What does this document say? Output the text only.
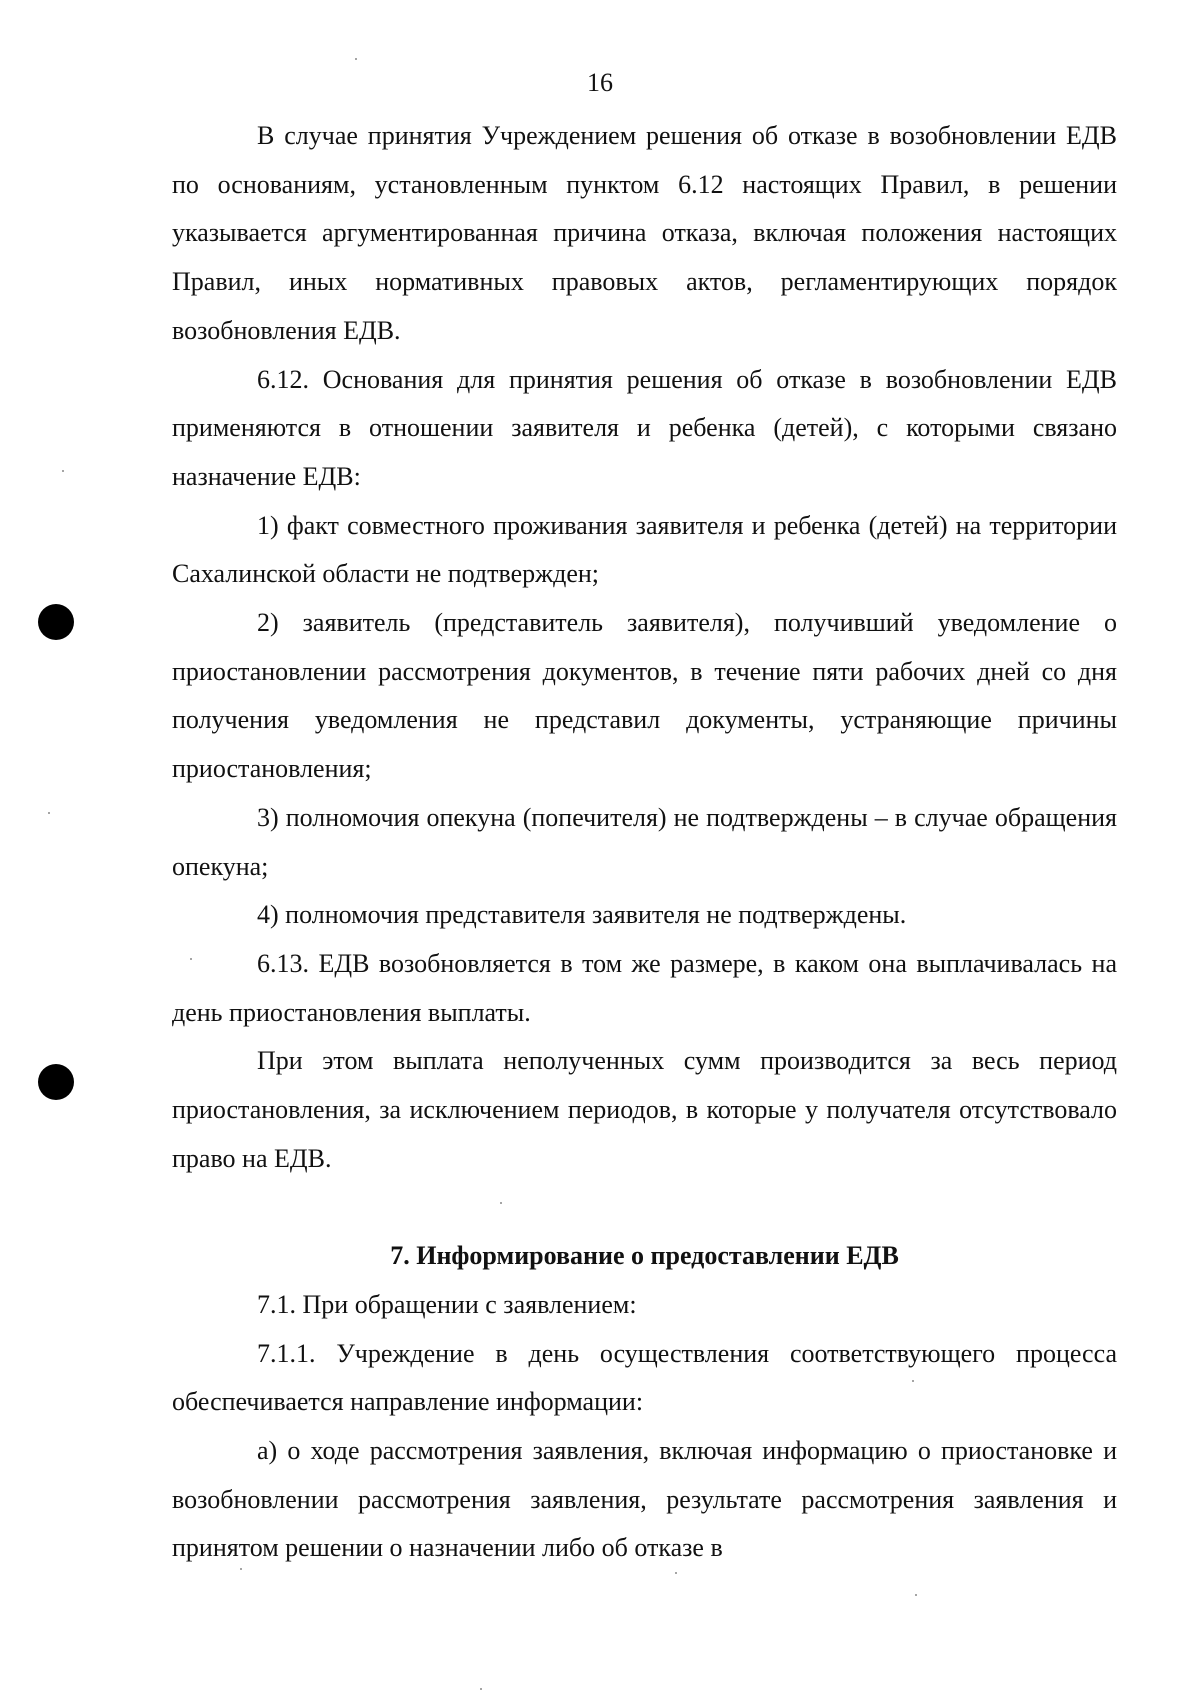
16

В случае принятия Учреждением решения об отказе в возобновлении ЕДВ по основаниям, установленным пунктом 6.12 настоящих Правил, в решении указывается аргументированная причина отказа, включая положения настоящих Правил, иных нормативных правовых актов, регламентирующих порядок возобновления ЕДВ.

6.12. Основания для принятия решения об отказе в возобновлении ЕДВ применяются в отношении заявителя и ребенка (детей), с которыми связано назначение ЕДВ:

1) факт совместного проживания заявителя и ребенка (детей) на территории Сахалинской области не подтвержден;

2) заявитель (представитель заявителя), получивший уведомление о приостановлении рассмотрения документов, в течение пяти рабочих дней со дня получения уведомления не представил документы, устраняющие причины приостановления;

3) полномочия опекуна (попечителя) не подтверждены – в случае обращения опекуна;

4) полномочия представителя заявителя не подтверждены.

6.13. ЕДВ возобновляется в том же размере, в каком она выплачивалась на день приостановления выплаты.

При этом выплата неполученных сумм производится за весь период приостановления, за исключением периодов, в которые у получателя отсутствовало право на ЕДВ.

7. Информирование о предоставлении ЕДВ

7.1. При обращении с заявлением:

7.1.1. Учреждение в день осуществления соответствующего процесса обеспечивается направление информации:

а) о ходе рассмотрения заявления, включая информацию о приостановке и возобновлении рассмотрения заявления, результате рассмотрения заявления и принятом решении о назначении либо об отказе в
